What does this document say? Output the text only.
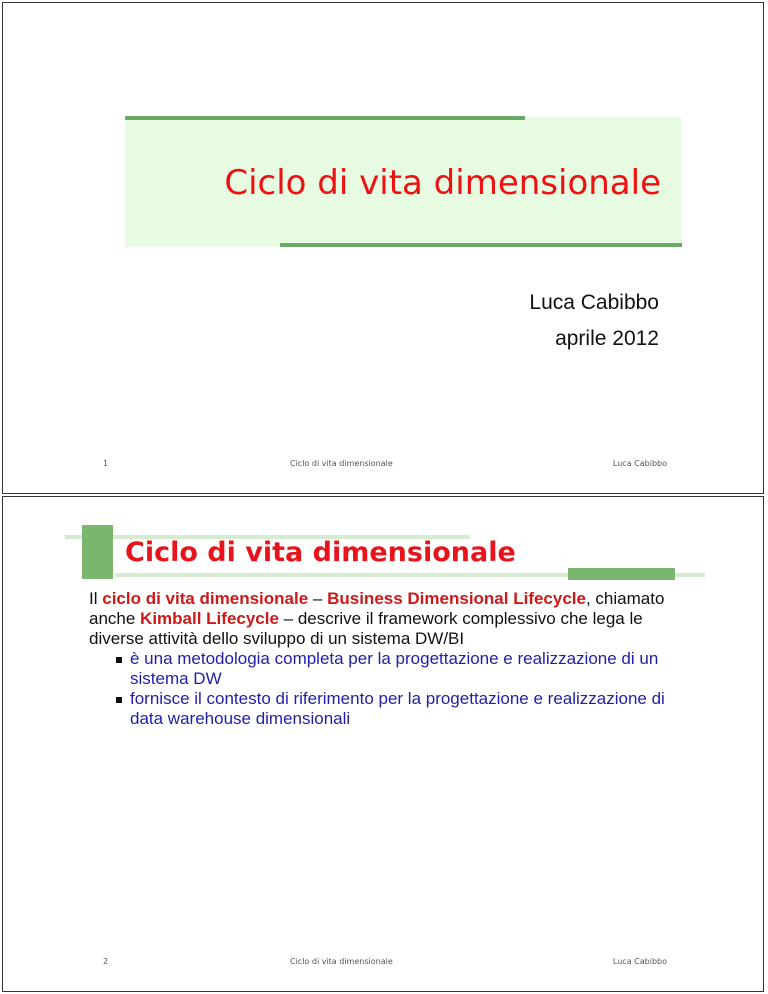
Ciclo di vita dimensionale
Luca Cabibbo
aprile 2012
1	Ciclo di vita dimensionale	Luca Cabibbo
Ciclo di vita dimensionale
Il ciclo di vita dimensionale – Business Dimensional Lifecycle, chiamato anche Kimball Lifecycle – descrive il framework complessivo che lega le diverse attività dello sviluppo di un sistema DW/BI
è una metodologia completa per la progettazione e realizzazione di un sistema DW
fornisce il contesto di riferimento per la progettazione e realizzazione di data warehouse dimensionali
2	Ciclo di vita dimensionale	Luca Cabibbo
